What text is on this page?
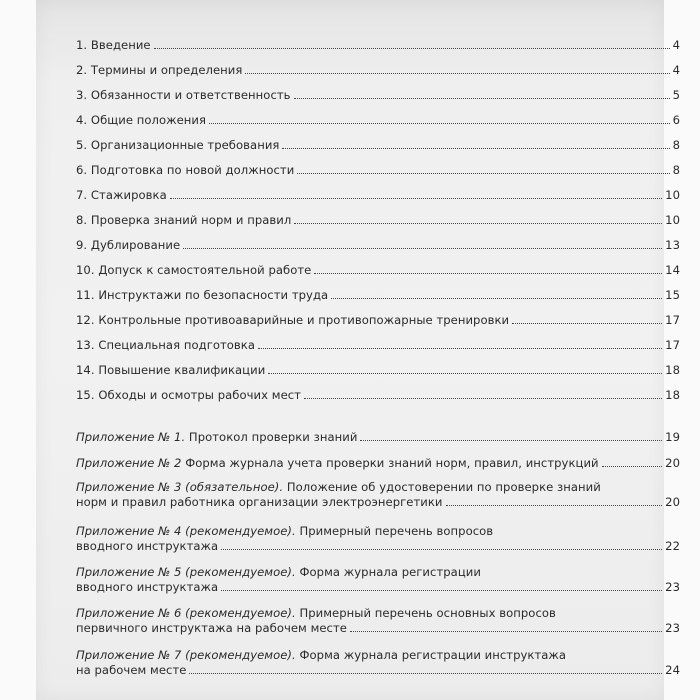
1. Введение	4
2. Термины и определения	4
3. Обязанности и ответственность	5
4. Общие положения	6
5. Организационные требования	8
6. Подготовка по новой должности	8
7. Стажировка	10
8. Проверка знаний норм и правил	10
9. Дублирование	13
10. Допуск к самостоятельной работе	14
11. Инструктажи по безопасности труда	15
12. Контрольные противоаварийные и противопожарные тренировки	17
13. Специальная подготовка	17
14. Повышение квалификации	18
15. Обходы и осмотры рабочих мест	18
Приложение № 1. Протокол проверки знаний	19
Приложение № 2 Форма журнала учета проверки знаний норм, правил, инструкций	20
Приложение № 3 (обязательное). Положение об удостоверении по проверке знаний
норм и правил работника организации электроэнергетики	20
Приложение № 4 (рекомендуемое). Примерный перечень вопросов
вводного инструктажа	22
Приложение № 5 (рекомендуемое). Форма журнала регистрации
вводного инструктажа	23
Приложение № 6 (рекомендуемое). Примерный перечень основных вопросов
первичного инструктажа на рабочем месте	23
Приложение № 7 (рекомендуемое). Форма журнала регистрации инструктажа
на рабочем месте	24
